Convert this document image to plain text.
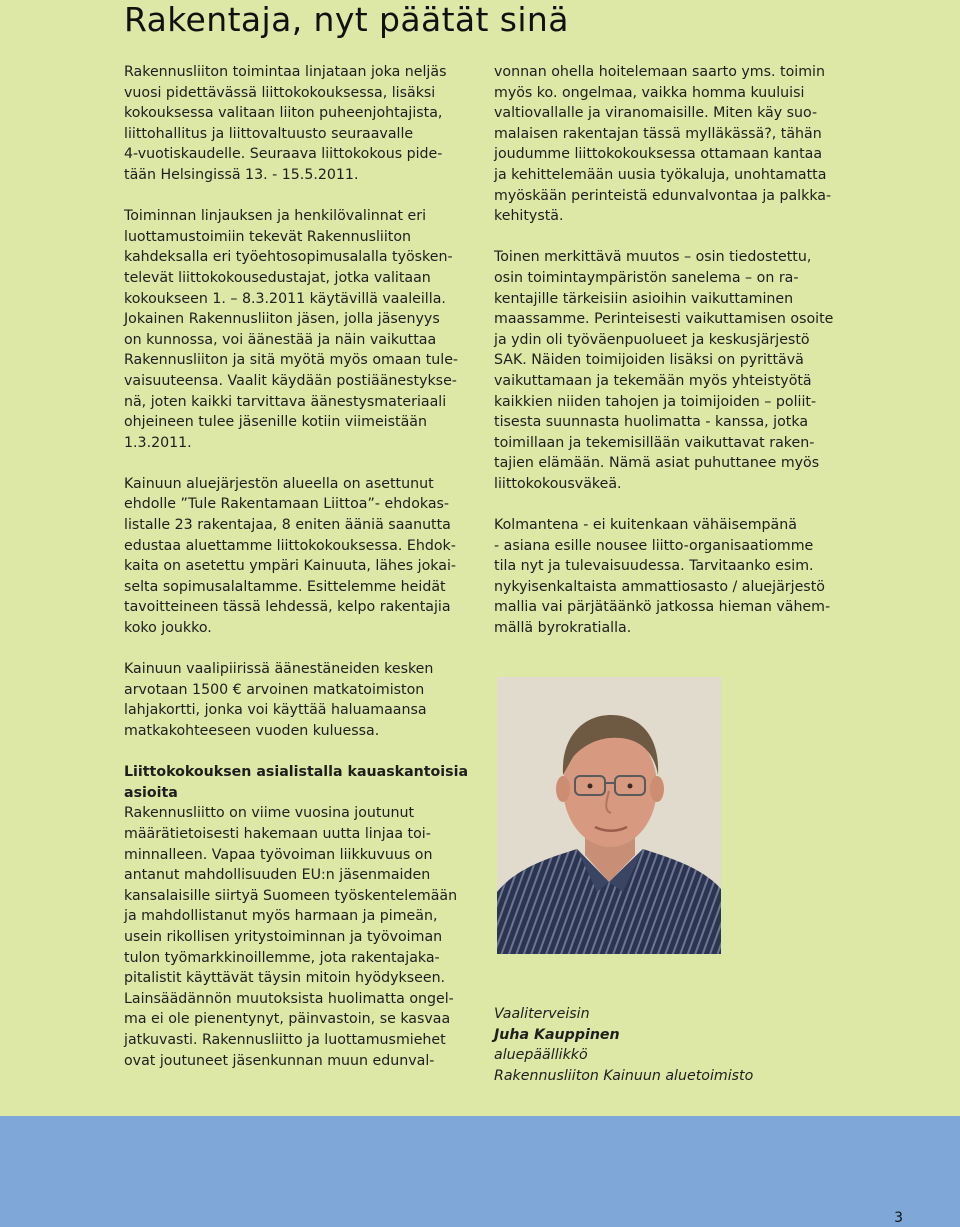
Rakentaja, nyt päätät sinä

Rakennusliiton toimintaa linjataan joka neljäs
vuosi pidettävässä liittokokouksessa, lisäksi
kokouksessa valitaan liiton puheenjohtajista,
liittohallitus ja liittovaltuusto seuraavalle
4-vuotiskaudelle. Seuraava liittokokous pide-
tään Helsingissä 13. - 15.5.2011.

Toiminnan linjauksen ja henkilövalinnat eri
luottamustoimiin tekevät Rakennusliiton
kahdeksalla eri työehtosopimusalalla työsken-
televät liittokokousedustajat, jotka valitaan
kokoukseen 1. – 8.3.2011 käytävillä vaaleilla.
Jokainen Rakennusliiton jäsen, jolla jäsenyys
on kunnossa, voi äänestää ja näin vaikuttaa
Rakennusliiton ja sitä myötä myös omaan tule-
vaisuuteensa. Vaalit käydään postiäänestykse-
nä, joten kaikki tarvittava äänestysmateriaali
ohjeineen tulee jäsenille kotiin viimeistään
1.3.2011.

Kainuun aluejärjestön alueella on asettunut
ehdolle ”Tule Rakentamaan Liittoa”- ehdokas-
listalle 23 rakentajaa, 8 eniten ääniä saanutta
edustaa aluettamme liittokokouksessa. Ehdok-
kaita on asetettu ympäri Kainuuta, lähes jokai-
selta sopimusalaltamme. Esittelemme heidät
tavoitteineen tässä lehdessä, kelpo rakentajia
koko joukko.

Kainuun vaalipiirissä äänestäneiden kesken
arvotaan 1500 € arvoinen matkatoimiston
lahjakortti, jonka voi käyttää haluamaansa
matkakohteeseen vuoden kuluessa.

Liittokokouksen asialistalla kauaskantoisia
asioita

Rakennusliitto on viime vuosina joutunut
määrätietoisesti hakemaan uutta linjaa toi-
minnalleen. Vapaa työvoiman liikkuvuus on
antanut mahdollisuuden EU:n jäsenmaiden
kansalaisille siirtyä Suomeen työskentelemään
ja mahdollistanut myös harmaan ja pimeän,
usein rikollisen yritystoiminnan ja työvoiman
tulon työmarkkinoillemme, jota rakentajaka-
pitalistit käyttävät täysin mitoin hyödykseen.
Lainsäädännön muutoksista huolimatta ongel-
ma ei ole pienentynyt, päinvastoin, se kasvaa
jatkuvasti. Rakennusliitto ja luottamusmiehet
ovat joutuneet jäsenkunnan muun edunval-

vonnan ohella hoitelemaan saarto yms. toimin
myös ko. ongelmaa, vaikka homma kuuluisi
valtiovallalle ja viranomaisille. Miten käy suo-
malaisen rakentajan tässä mylläkässä?, tähän
joudumme liittokokouksessa ottamaan kantaa
ja kehittelemään uusia työkaluja, unohtamatta
myöskään perinteistä edunvalvontaa ja palkka-
kehitystä.

Toinen merkittävä muutos – osin tiedostettu,
osin toimintaympäristön sanelema – on ra-
kentajille tärkeisiin asioihin vaikuttaminen
maassamme. Perinteisesti vaikuttamisen osoite
ja ydin oli työväenpuolueet ja keskusjärjestö
SAK. Näiden toimijoiden lisäksi on pyrittävä
vaikuttamaan ja tekemään myös yhteistyötä
kaikkien niiden tahojen ja toimijoiden – poliit-
tisesta suunnasta huolimatta - kanssa, jotka
toimillaan ja tekemisillään vaikuttavat raken-
tajien elämään. Nämä asiat puhuttanee myös
liittokokousväkeä.

Kolmantena - ei kuitenkaan vähäisempänä
- asiana esille nousee liitto-organisaatiomme
tila nyt ja tulevaisuudessa. Tarvitaanko esim.
nykyisenkaltaista ammattiosasto / aluejärjestö
mallia vai pärjätäänkö jatkossa hieman vähem-
mällä byrokratialla.

Vaaliterveisin
Juha Kauppinen
aluepäällikkö
Rakennusliiton Kainuun aluetoimisto
3
